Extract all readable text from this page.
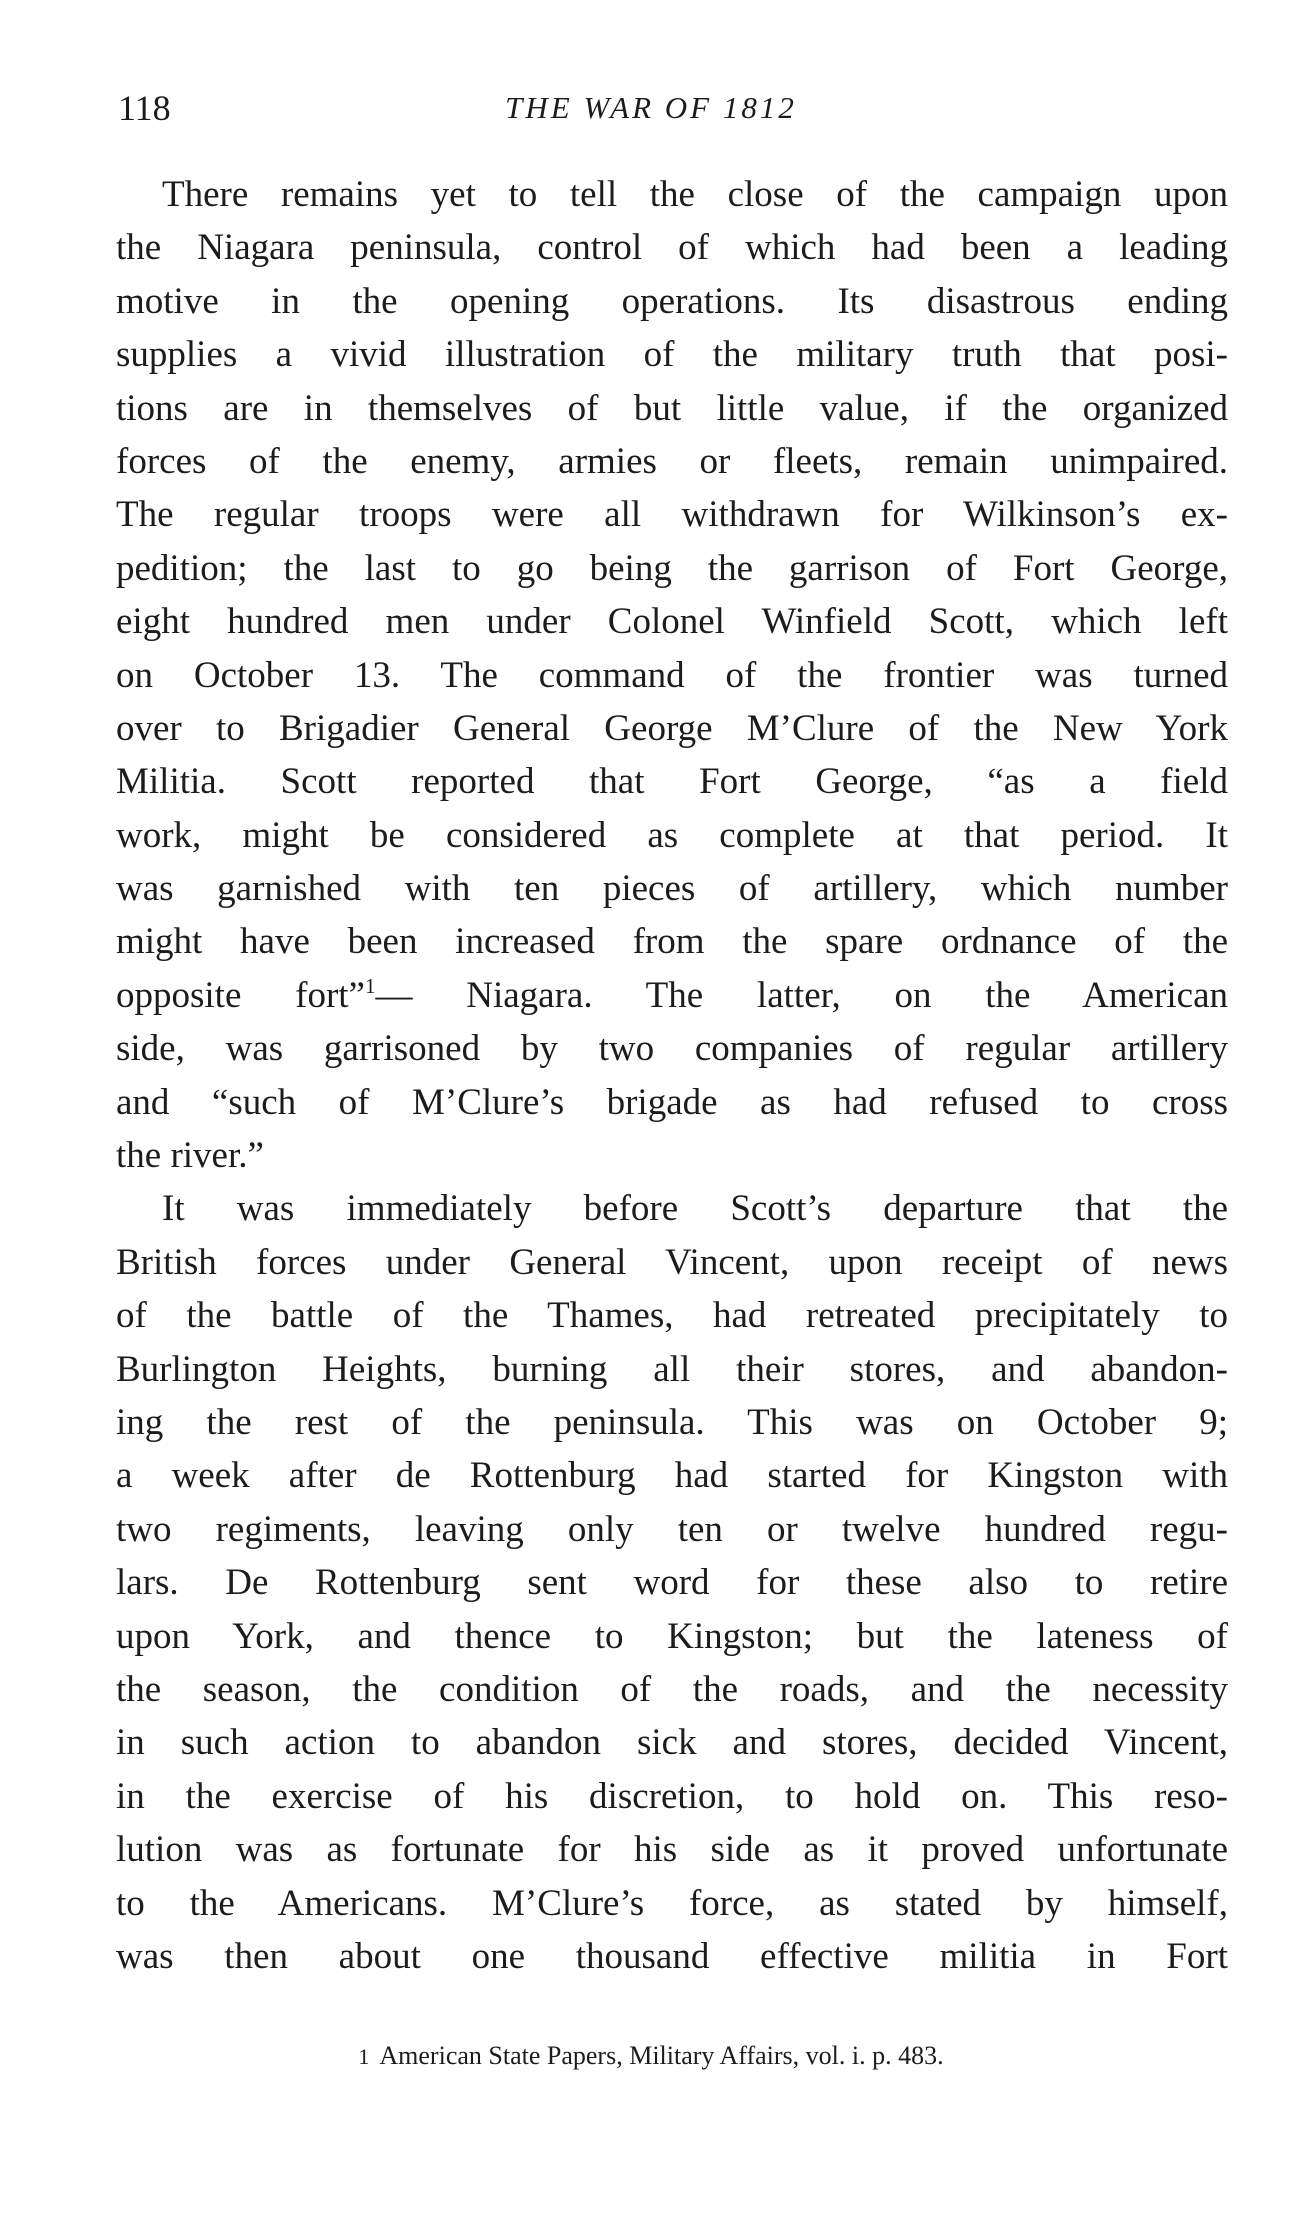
118	THE WAR OF 1812
There remains yet to tell the close of the campaign upon
the Niagara peninsula, control of which had been a leading
motive in the opening operations. Its disastrous ending
supplies a vivid illustration of the military truth that posi-
tions are in themselves of but little value, if the organized
forces of the enemy, armies or fleets, remain unimpaired.
The regular troops were all withdrawn for Wilkinson’s ex-
pedition; the last to go being the garrison of Fort George,
eight hundred men under Colonel Winfield Scott, which left
on October 13. The command of the frontier was turned
over to Brigadier General George M’Clure of the New York
Militia. Scott reported that Fort George, “as a field
work, might be considered as complete at that period. It
was garnished with ten pieces of artillery, which number
might have been increased from the spare ordnance of the
opposite fort”$^1$— Niagara. The latter, on the American
side, was garrisoned by two companies of regular artillery
and “such of M’Clure’s brigade as had refused to cross
the river.”
It was immediately before Scott’s departure that the
British forces under General Vincent, upon receipt of news
of the battle of the Thames, had retreated precipitately to
Burlington Heights, burning all their stores, and abandon-
ing the rest of the peninsula. This was on October 9;
a week after de Rottenburg had started for Kingston with
two regiments, leaving only ten or twelve hundred regu-
lars. De Rottenburg sent word for these also to retire
upon York, and thence to Kingston; but the lateness of
the season, the condition of the roads, and the necessity
in such action to abandon sick and stores, decided Vincent,
in the exercise of his discretion, to hold on. This reso-
lution was as fortunate for his side as it proved unfortunate
to the Americans. M’Clure’s force, as stated by himself,
was then about one thousand effective militia in Fort
1 American State Papers, Military Affairs, vol. i. p. 483.
